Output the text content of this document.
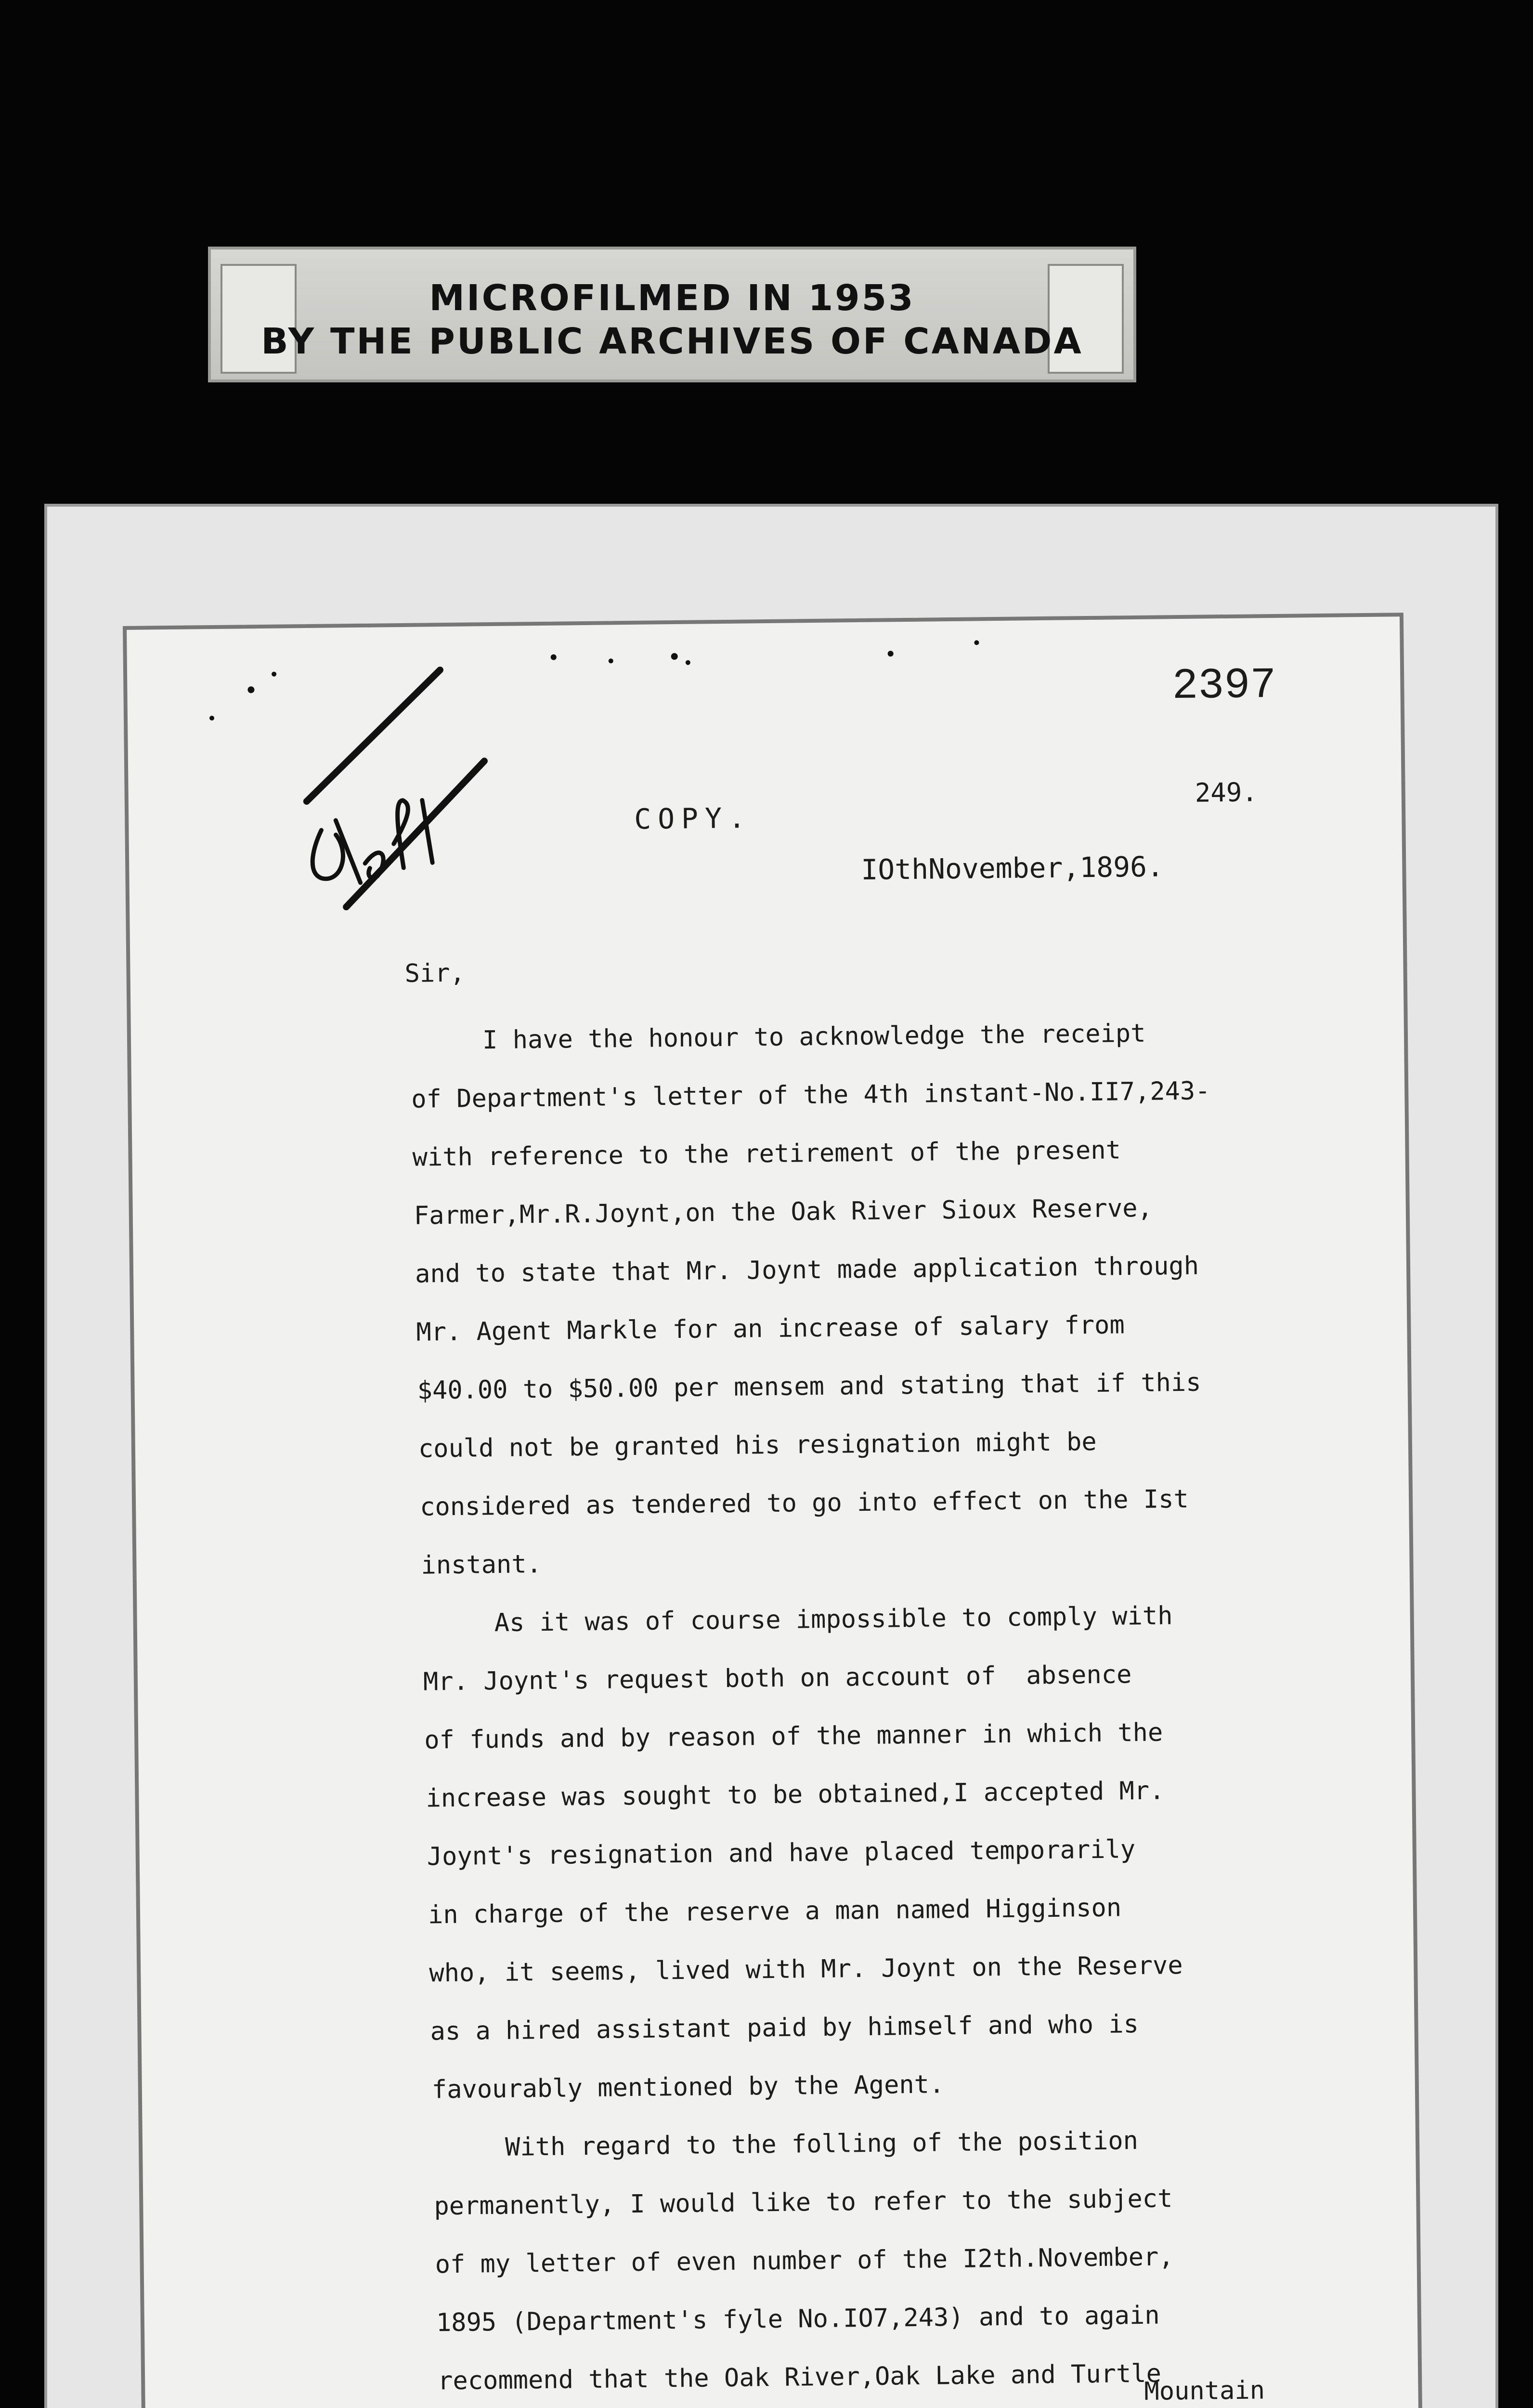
MICROFILMED IN 1953
BY THE PUBLIC ARCHIVES OF CANADA
2397
249.
COPY.
IOthNovember,1896.
Sir,
I have the honour to acknowledge the receipt
of Department's letter of the 4th instant-No.II7,243-
with reference to the retirement of the present
Farmer,Mr.R.Joynt,on the Oak River Sioux Reserve,
and to state that Mr. Joynt made application through
Mr. Agent Markle for an increase of salary from
$40.00 to $50.00 per mensem and stating that if this
could not be granted his resignation might be
considered as tendered to go into effect on the Ist
instant.
As it was of course impossible to comply with
Mr. Joynt's request both on account of  absence
of funds and by reason of the manner in which the
increase was sought to be obtained,I accepted Mr.
Joynt's resignation and have placed temporarily
in charge of the reserve a man named Higginson
who, it seems, lived with Mr. Joynt on the Reserve
as a hired assistant paid by himself and who is
favourably mentioned by the Agent.
With regard to the folling of the position
permanently, I would like to refer to the subject
of my letter of even number of the I2th.November,
1895 (Department's fyle No.IO7,243) and to again
recommend that the Oak River,Oak Lake and Turtle
Mountain
